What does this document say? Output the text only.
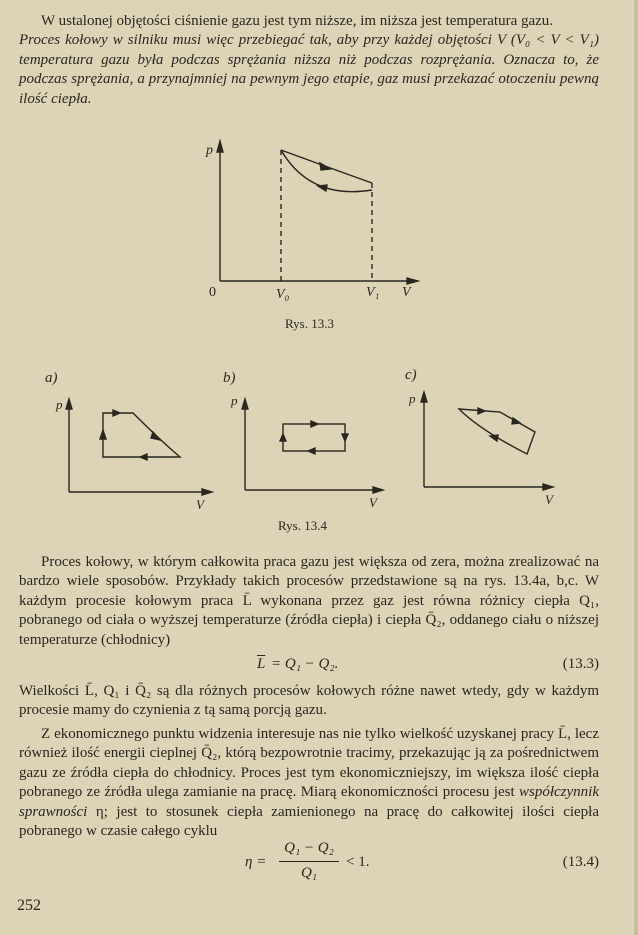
W ustalonej objętości ciśnienie gazu jest tym niższe, im niższa jest temperatura gazu.

Proces kołowy w silniku musi więc przebiegać tak, aby przy każdej objętości V (V₀ < V < V₁) temperatura gazu była podczas sprężania niższa niż podczas rozprężania. Oznacza to, że podczas sprężania, a przynajmniej na pewnym jego etapie, gaz musi przekazać otoczeniu pewną ilość ciepła.

p
0	V₀	V₁ V
Rys. 13.3
a)
p
V
b)
p
V
c)
p
V
Rys. 13.4
Proces kołowy, w którym całkowita praca gazu jest większa od zera, można zrealizować na bardzo wiele sposobów. Przykłady takich procesów przedstawione są na rys. 13.4a, b,c. W każdym procesie kołowym praca L̄ wykonana przez gaz jest równa różnicy ciepła Q₁, pobranego od ciała o wyższej temperaturze (źródła ciepła) i ciepła Q̄₂, oddanego ciału o niższej temperaturze (chłodnicy)
$\overline{L} = Q_1 - Q_2$.	(13.3)
Wielkości L̄, Q₁ i Q̄₂ są dla różnych procesów kołowych różne nawet wtedy, gdy w każdym procesie mamy do czynienia z tą samą porcją gazu.
Z ekonomicznego punktu widzenia interesuje nas nie tylko wielkość uzyskanej pracy L̄, lecz również ilość energii cieplnej Q̄₂, którą bezpowrotnie tracimy, przekazując ją za pośrednictwem gazu ze źródła ciepła do chłodnicy. Proces jest tym ekonomiczniejszy, im większa ilość ciepła pobranego ze źródła ulega zamianie na pracę. Miarą ekonomiczności procesu jest współczynnik sprawności η; jest to stosunek ciepła zamienionego na pracę do całkowitej ilości ciepła pobranego w czasie całego cyklu
η =
Q₁ − Q₂
Q₁
< 1.	(13.4)
252
